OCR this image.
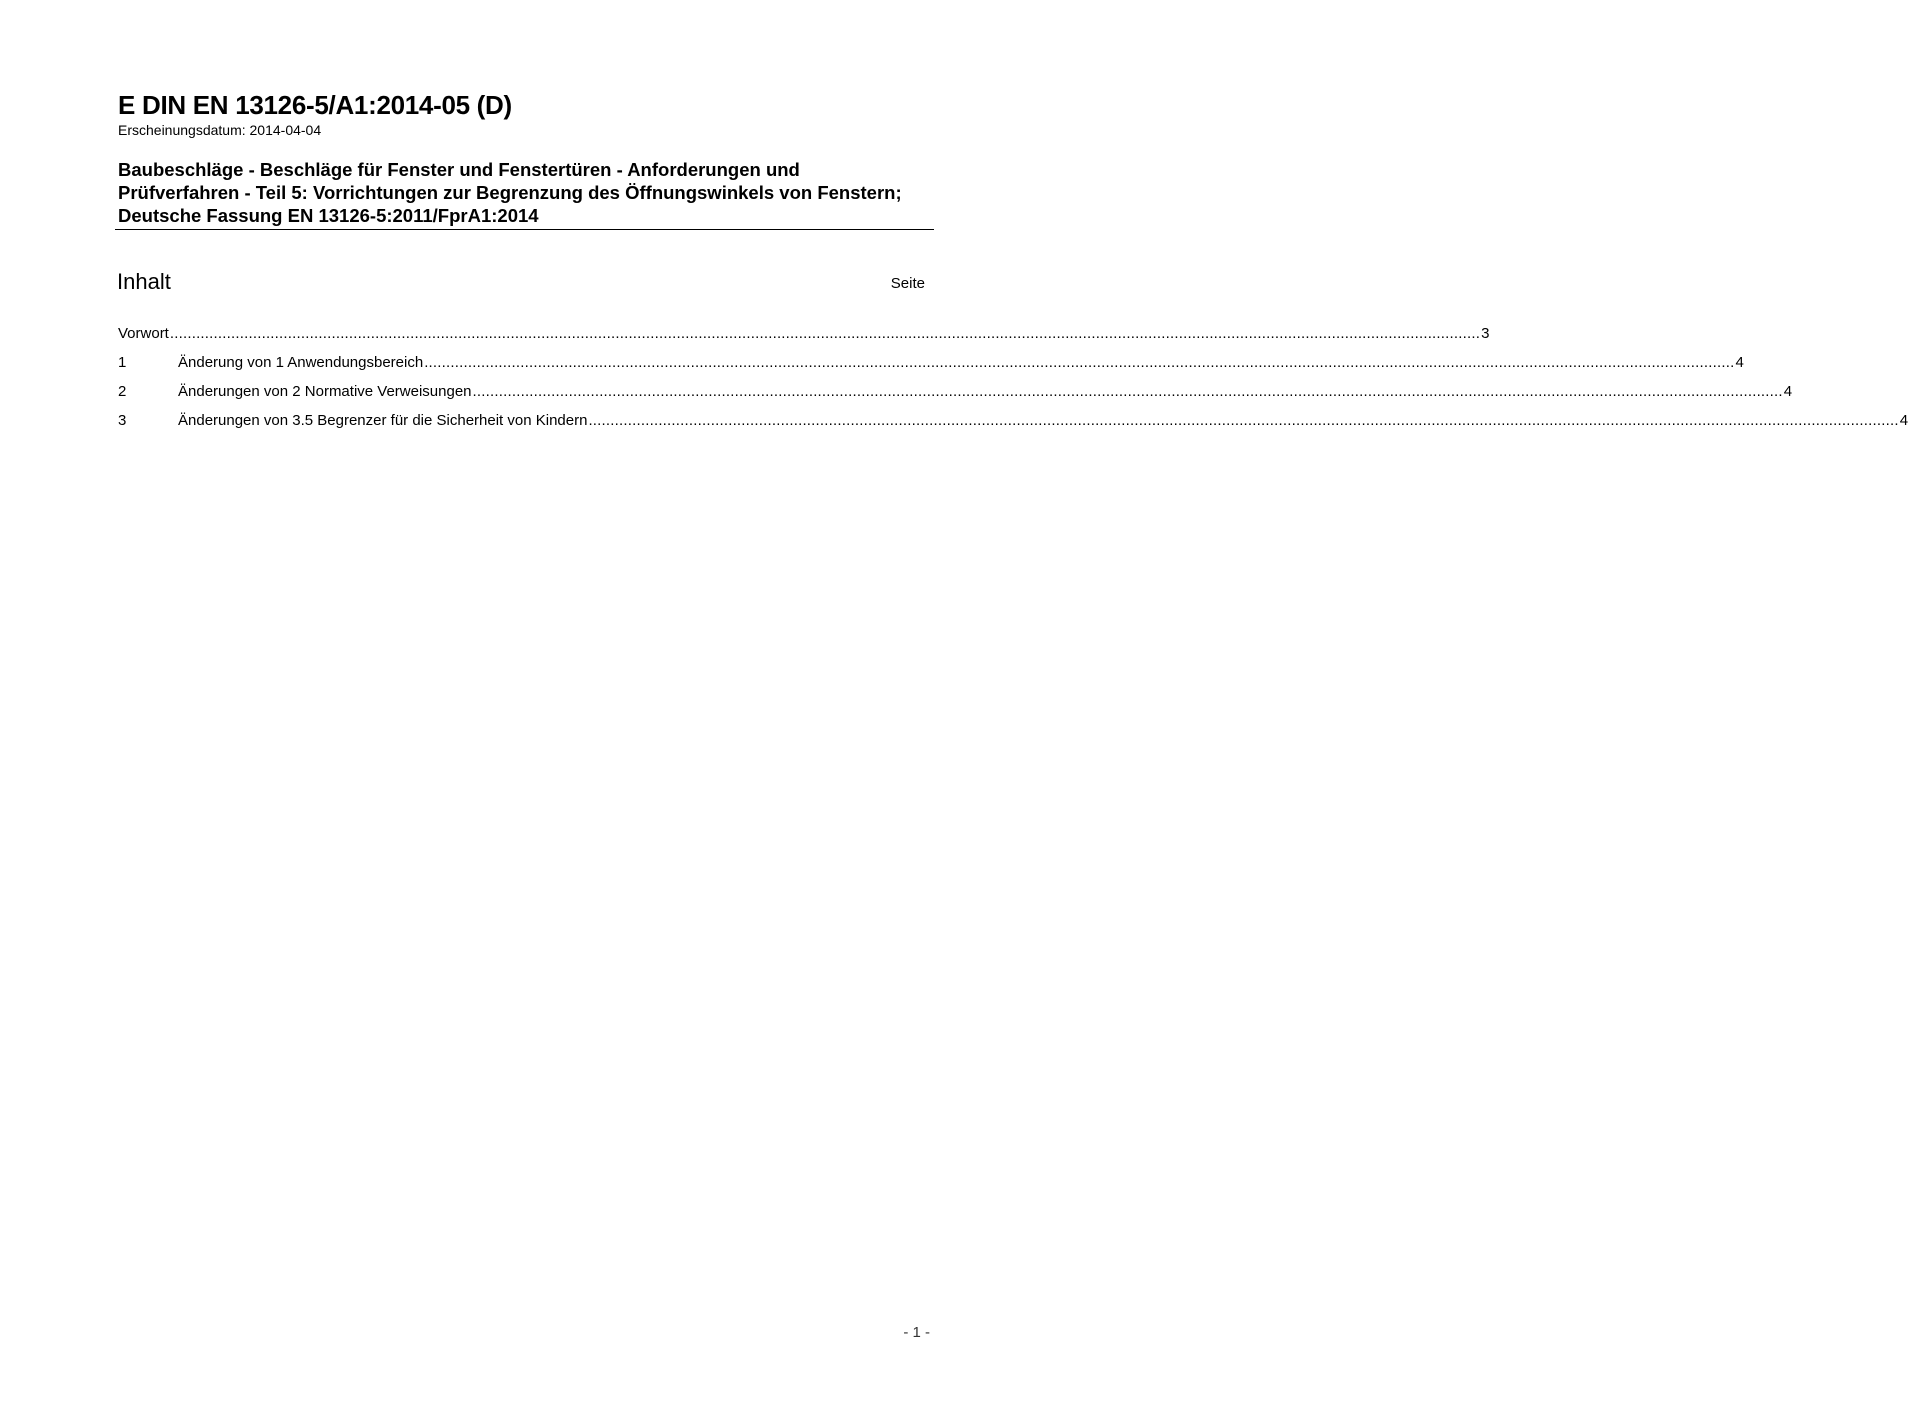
E DIN EN 13126-5/A1:2014-05 (D)
Erscheinungsdatum: 2014-04-04
Baubeschläge - Beschläge für Fenster und Fenstertüren - Anforderungen und Prüfverfahren - Teil 5: Vorrichtungen zur Begrenzung des Öffnungswinkels von Fenstern; Deutsche Fassung EN 13126-5:2011/FprA1:2014
Inhalt	Seite
Vorwort ............................................................................................................................................................................................................................................................................................................ 3
1	Änderung von 1 Anwendungsbereich ............................................................................................................................................................................................................................................................................................................ 4
2	Änderungen von 2 Normative Verweisungen ............................................................................................................................................................................................................................................................................................................ 4
3	Änderungen von 3.5 Begrenzer für die Sicherheit von Kindern ............................................................................................................................................................................................................................................................................................................ 4
- 1 -
